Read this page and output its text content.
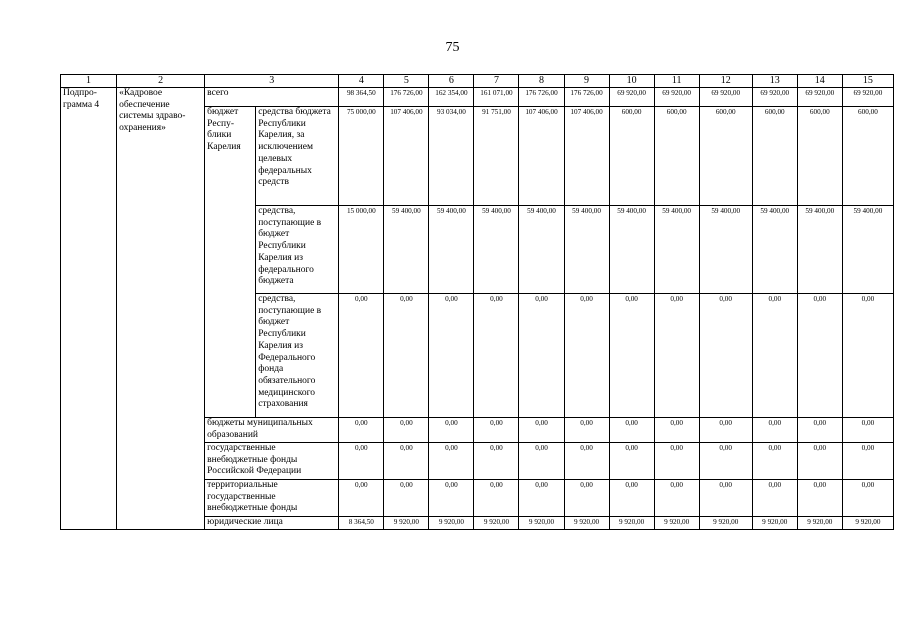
75
1	2	3		4	5	6	7	8	9	10	11	12	13	14	15
Подпро-грамма 4	«Кадровое обеспечение системы здраво-охранения»	всего		98 364,50	176 726,00	162 354,00	161 071,00	176 726,00	176 726,00	69 920,00	69 920,00	69 920,00	69 920,00	69 920,00	69 920,00
		бюджет Респу-блики Карелия	средства бюджета Республики Карелия, за исключением целевых федеральных средств	75 000,00	107 406,00	93 034,00	91 751,00	107 406,00	107 406,00	600,00	600,00	600,00	600,00	600,00	600,00
			средства, поступающие в бюджет Республики Карелия из федерального бюджета	15 000,00	59 400,00	59 400,00	59 400,00	59 400,00	59 400,00	59 400,00	59 400,00	59 400,00	59 400,00	59 400,00	59 400,00
			средства, поступающие в бюджет Республики Карелия из Федерального фонда обязательного медицинского страхования	0,00	0,00	0,00	0,00	0,00	0,00	0,00	0,00	0,00	0,00	0,00	0,00
		бюджеты муниципальных образований		0,00	0,00	0,00	0,00	0,00	0,00	0,00	0,00	0,00	0,00	0,00	0,00
		государственные внебюджетные фонды Российской Федерации		0,00	0,00	0,00	0,00	0,00	0,00	0,00	0,00	0,00	0,00	0,00	0,00
		территориальные государственные внебюджетные фонды		0,00	0,00	0,00	0,00	0,00	0,00	0,00	0,00	0,00	0,00	0,00	0,00
		юридические лица		8 364,50	9 920,00	9 920,00	9 920,00	9 920,00	9 920,00	9 920,00	9 920,00	9 920,00	9 920,00	9 920,00	9 920,00
